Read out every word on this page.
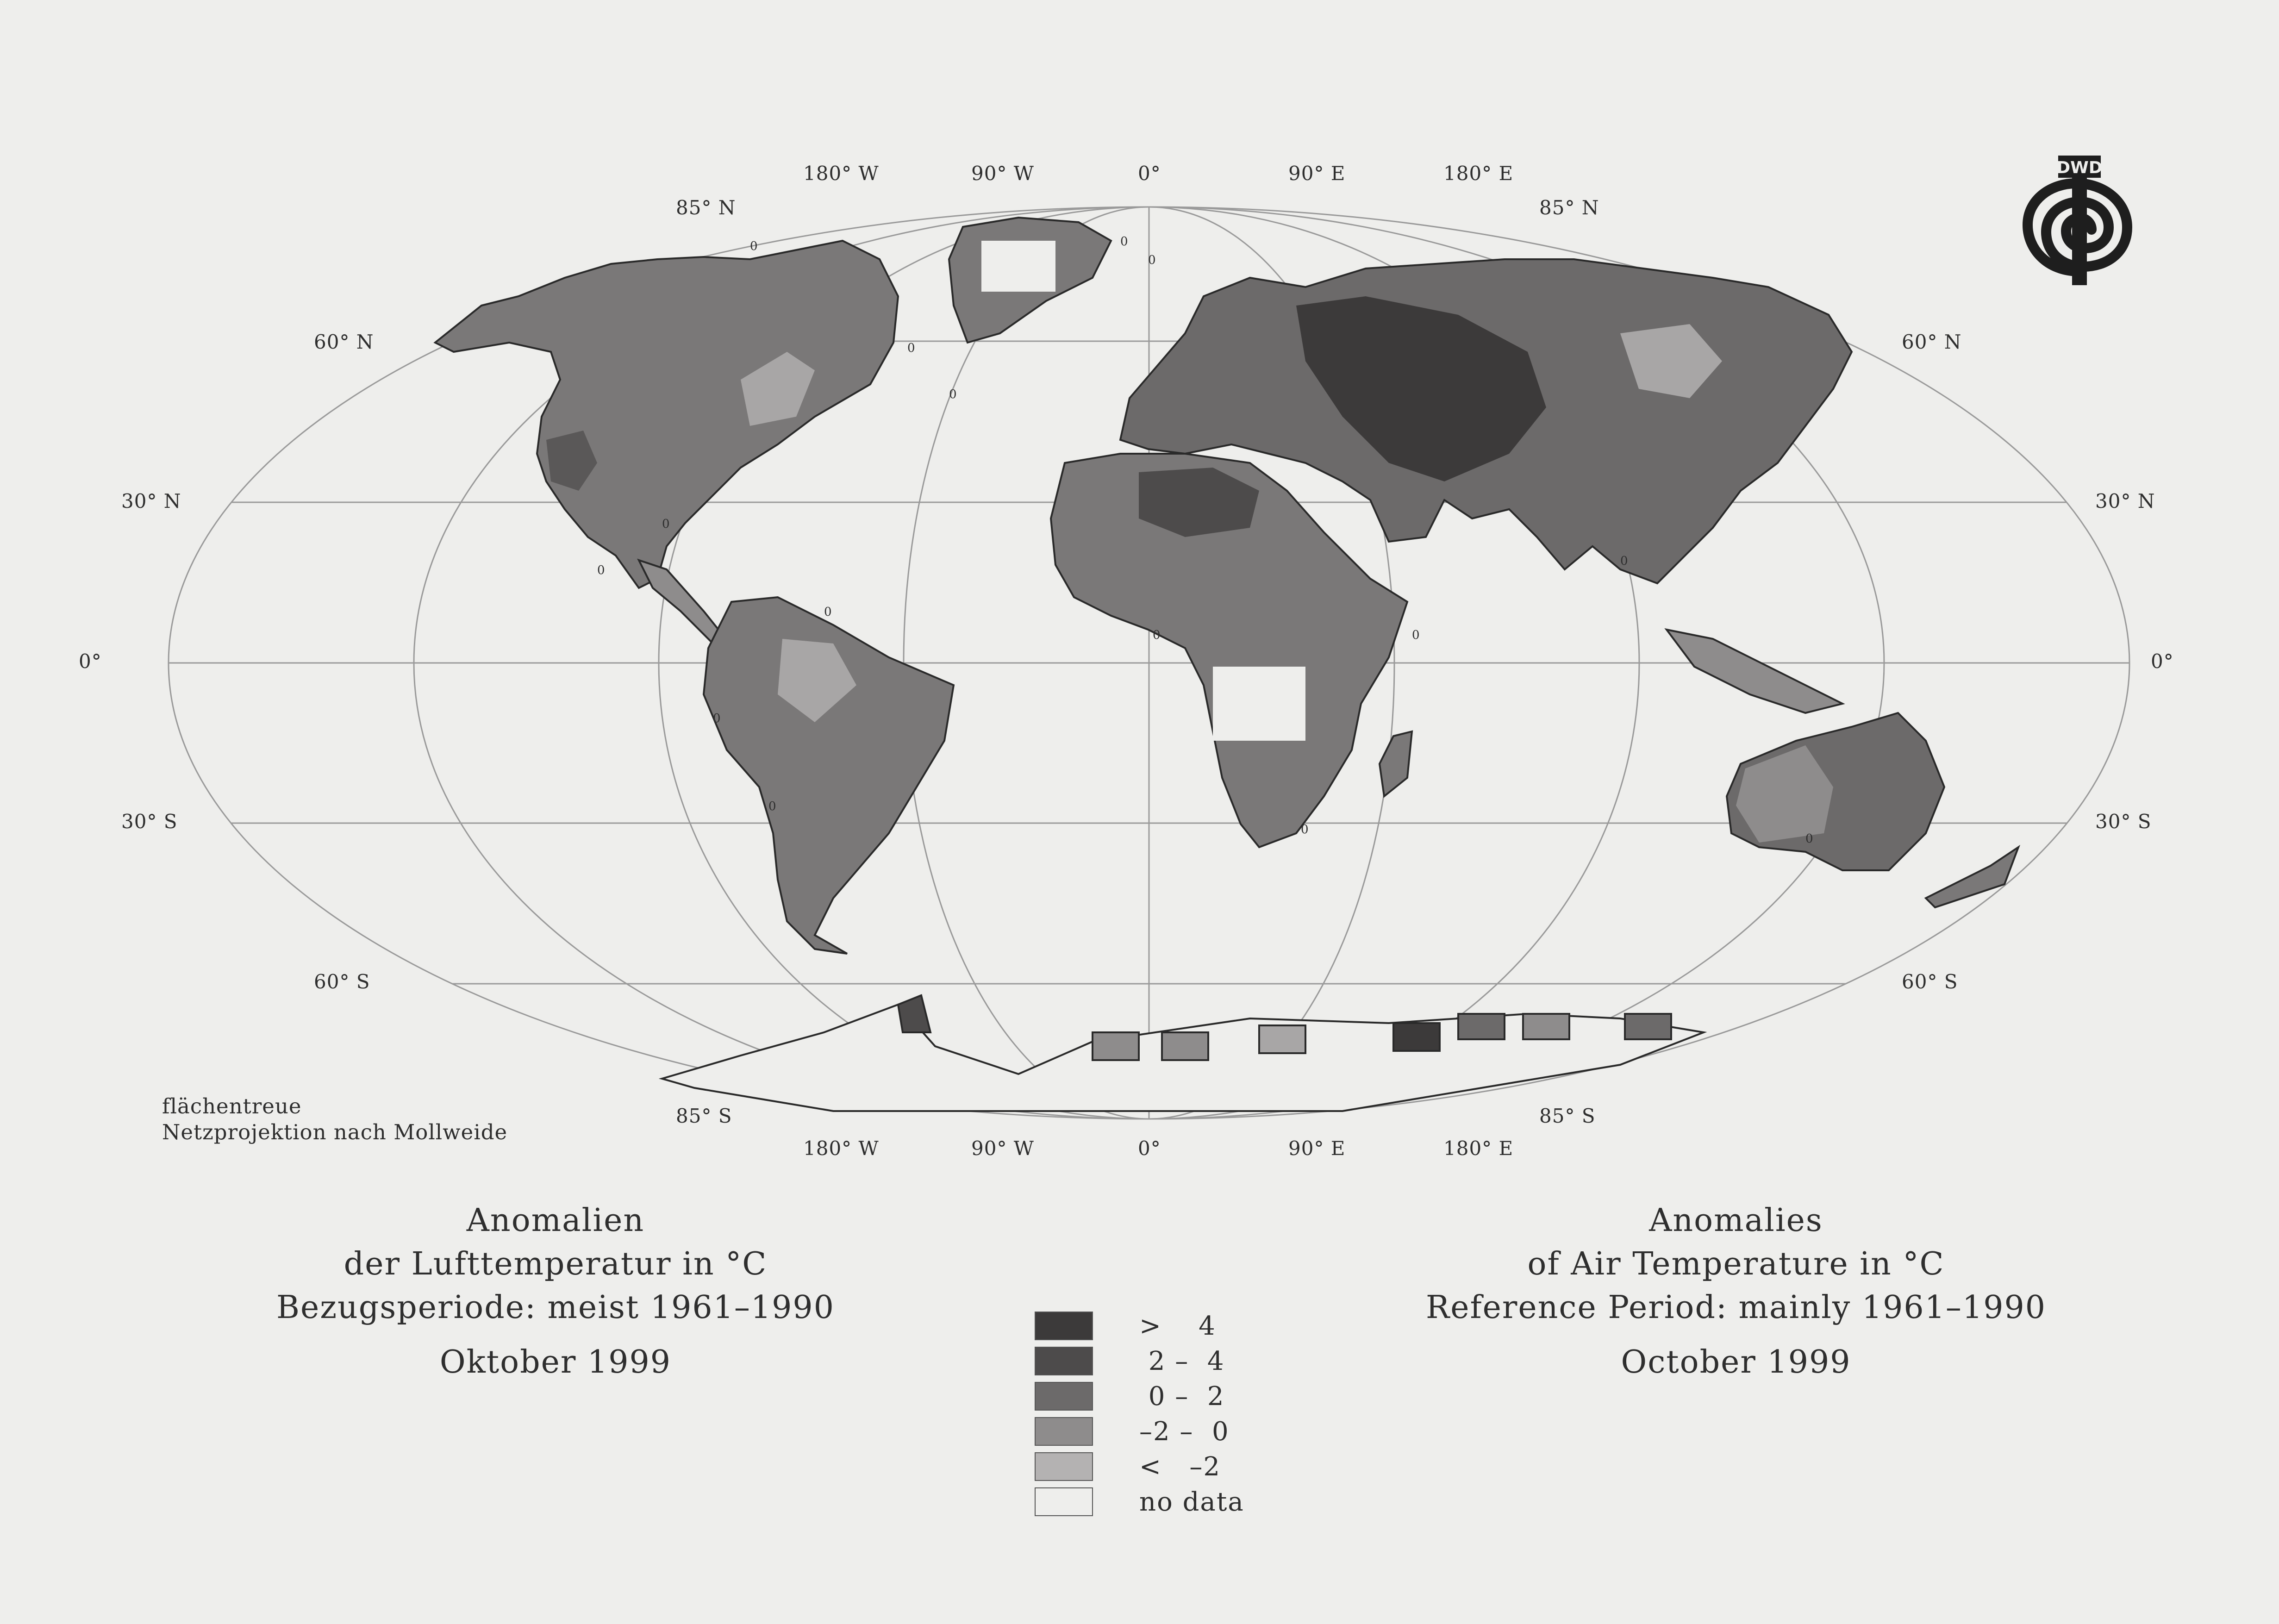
0	0
0
0
0
0
0
0
0
0
0	0
0
0
0
85° N	85° N
60° N	60° N
30° N	30° N
0°	0°
30° S	30° S
60° S	60° S
85° S	85° S
180° W	90° W	0°	90° E	180° E
180° W	90° W	0°	90° E	180° E
flächentreue
Netzprojektion nach Mollweide
Anomalien
der Lufttemperatur in °C
Bezugsperiode: meist 1961–1990
Oktober 1999
Anomalies
of Air Temperature in °C
Reference Period: mainly 1961–1990
October 1999
>    4
2 –  4
0 –  2
–2 –  0
<   –2
no data
DWD
